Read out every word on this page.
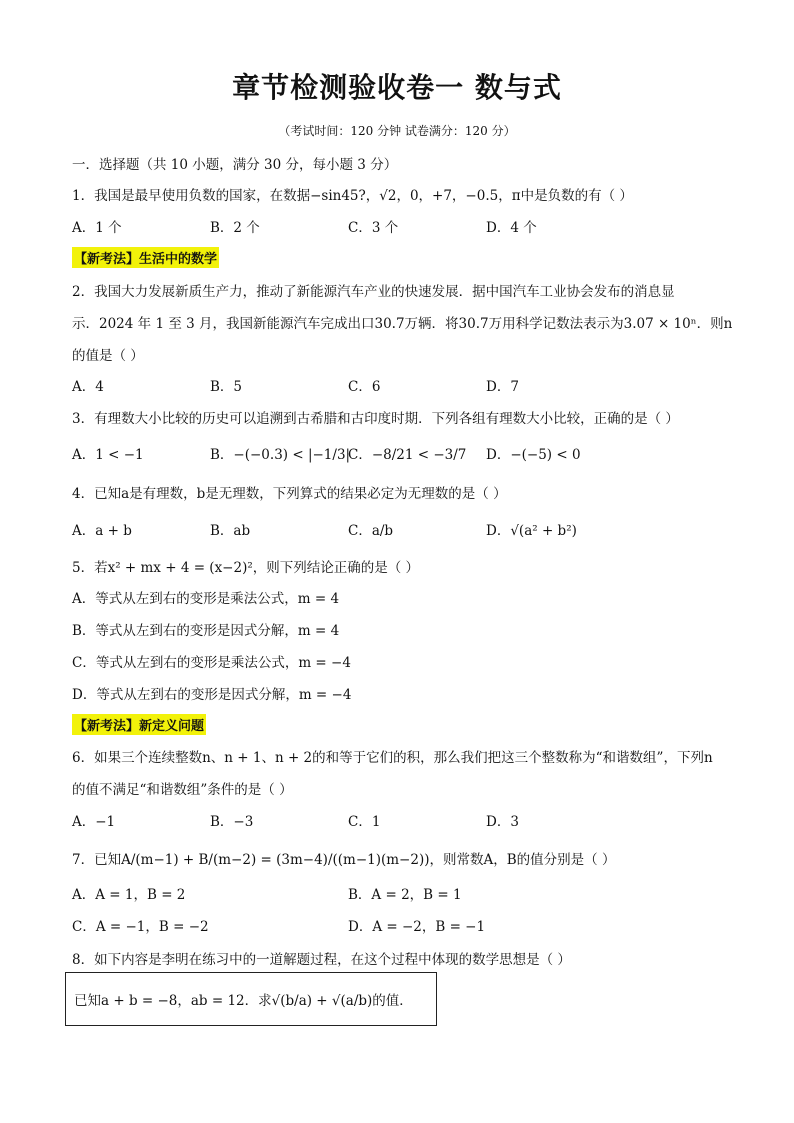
章节检测验收卷一 数与式
（考试时间：120 分钟 试卷满分：120 分）
一．选择题（共 10 小题，满分 30 分，每小题 3 分）
1．我国是最早使用负数的国家，在数据−sin45?，√2，0，+7，−0.5，π中是负数的有（ ）
A．1 个	B．2 个	C．3 个	D．4 个
【新考法】生活中的数学
2．我国大力发展新质生产力，推动了新能源汽车产业的快速发展．据中国汽车工业协会发布的消息显
示．2024 年 1 至 3 月，我国新能源汽车完成出口30.7万辆．将30.7万用科学记数法表示为3.07 × 10ⁿ．则n
的值是（ ）
A．4	B．5	C．6	D．7
3．有理数大小比较的历史可以追溯到古希腊和古印度时期．下列各组有理数大小比较，正确的是（ ）
A．1 < −1	B．−(−0.3) < |−1/3|
C．−8/21 < −3/7 D．−(−5) < 0
4．已知a是有理数，b是无理数，下列算式的结果必定为无理数的是（ ）
A．a + b	B．ab	C．a/b	D．√(a² + b²)
5．若x² + mx + 4 = (x−2)²，则下列结论正确的是（ ）
A．等式从左到右的变形是乘法公式，m = 4
B．等式从左到右的变形是因式分解，m = 4
C．等式从左到右的变形是乘法公式，m = −4
D．等式从左到右的变形是因式分解，m = −4
【新考法】新定义问题
6．如果三个连续整数n、n + 1、n + 2的和等于它们的积，那么我们把这三个整数称为“和谐数组”，下列n
的值不满足“和谐数组”条件的是（ ）
A．−1	B．−3	C．1	D．3
7．已知A/(m−1) + B/(m−2) = (3m−4)/((m−1)(m−2))，则常数A，B的值分别是（ ）
A．A = 1，B = 2	B．A = 2，B = 1
C．A = −1，B = −2	D．A = −2，B = −1
8．如下内容是李明在练习中的一道解题过程，在这个过程中体现的数学思想是（ ）
已知a + b = −8，ab = 12．求√(b/a) + √(a/b)的值．
